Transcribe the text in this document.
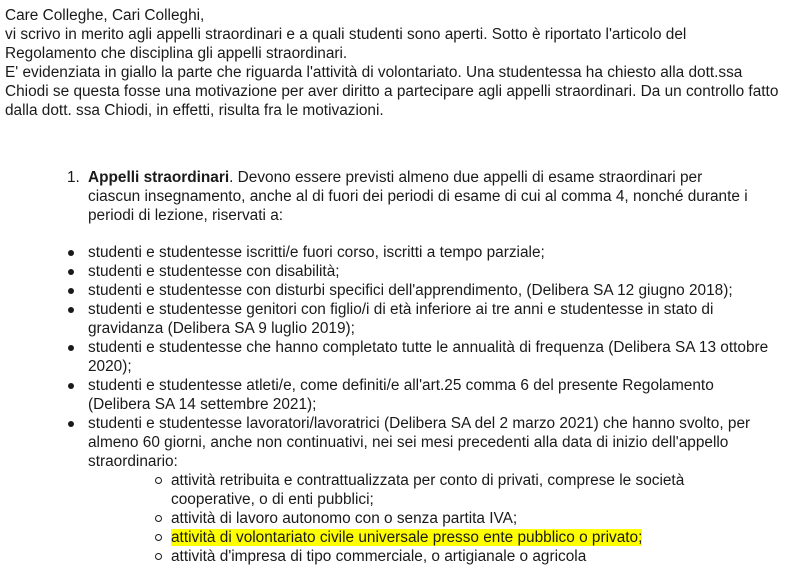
Care Colleghe, Cari Colleghi,

vi scrivo in merito agli appelli straordinari e a quali studenti sono aperti. Sotto è riportato l'articolo del Regolamento che disciplina gli appelli straordinari.

E' evidenziata in giallo la parte che riguarda l'attività di volontariato. Una studentessa ha chiesto alla dott.ssa Chiodi se questa fosse una motivazione per aver diritto a partecipare agli appelli straordinari. Da un controllo fatto dalla dott. ssa Chiodi, in effetti, risulta fra le motivazioni.

1. Appelli straordinari. Devono essere previsti almeno due appelli di esame straordinari per ciascun insegnamento, anche al di fuori dei periodi di esame di cui al comma 4, nonché durante i periodi di lezione, riservati a:
studenti e studentesse iscritti/e fuori corso, iscritti a tempo parziale;
studenti e studentesse con disabilità;
studenti e studentesse con disturbi specifici dell'apprendimento, (Delibera SA 12 giugno 2018);
studenti e studentesse genitori con figlio/i di età inferiore ai tre anni e studentesse in stato di gravidanza (Delibera SA 9 luglio 2019);
studenti e studentesse che hanno completato tutte le annualità di frequenza (Delibera SA 13 ottobre 2020);
studenti e studentesse atleti/e, come definiti/e all'art.25 comma 6 del presente Regolamento (Delibera SA 14 settembre 2021);
studenti e studentesse lavoratori/lavoratrici (Delibera SA del 2 marzo 2021) che hanno svolto, per almeno 60 giorni, anche non continuativi, nei sei mesi precedenti alla data di inizio dell'appello straordinario:
attività retribuita e contrattualizzata per conto di privati, comprese le società cooperative, o di enti pubblici;
attività di lavoro autonomo con o senza partita IVA;
attività di volontariato civile universale presso ente pubblico o privato;
attività d'impresa di tipo commerciale, o artigianale o agricola
